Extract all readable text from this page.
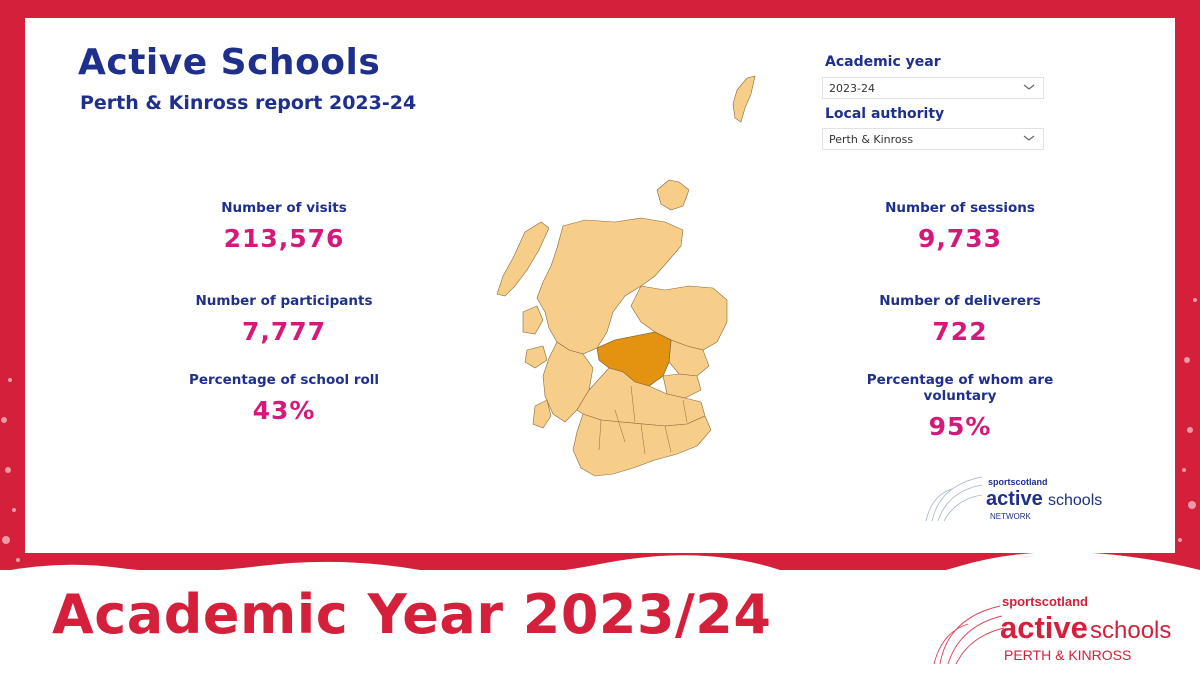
Active Schools
Perth & Kinross report 2023-24
Academic year
2023-24
Local authority
Perth & Kinross
Number of visits
213,576
Number of participants
7,777
Percentage of school roll
43%
Number of sessions
9,733
Number of deliverers
722
Percentage of whom are voluntary
95%
sportscotland
active schools
NETWORK
Academic Year 2023/24	sportscotland
active schools
PERTH & KINROSS
